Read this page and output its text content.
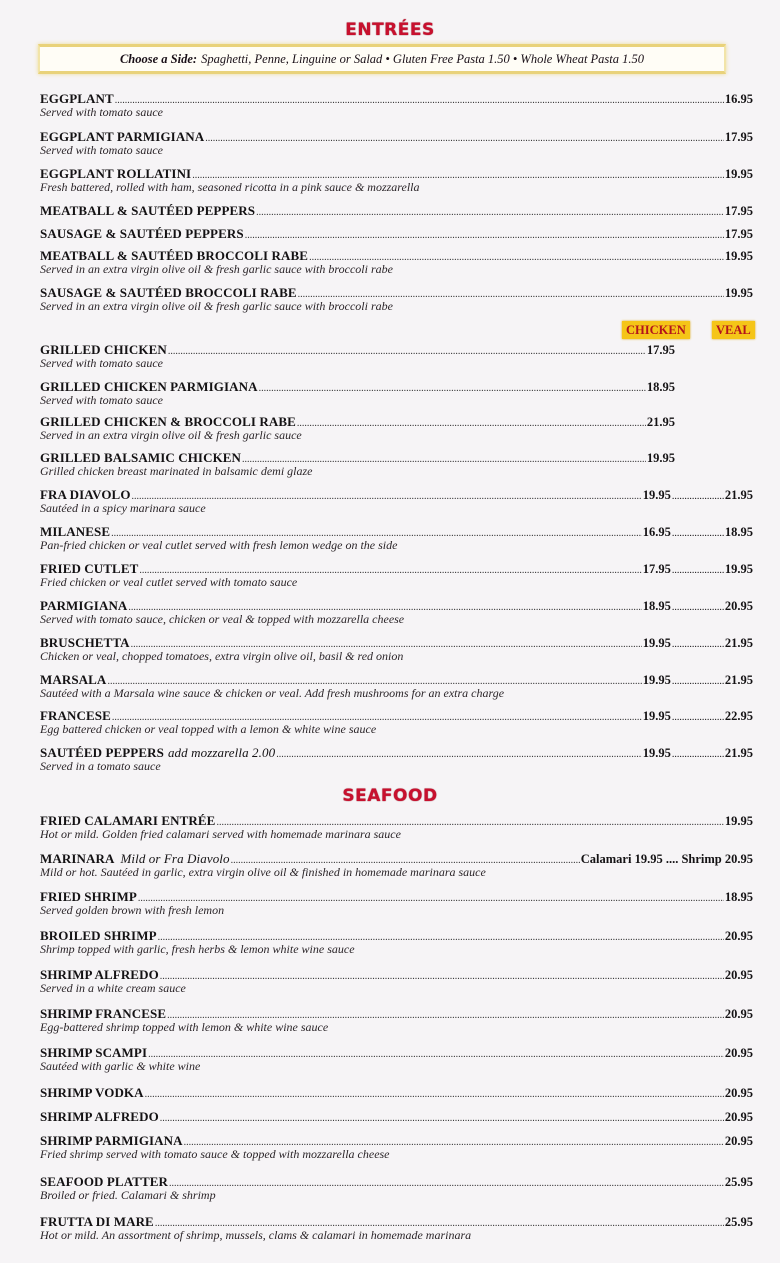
ENTRÉES
Choose a Side: Spaghetti, Penne, Linguine or Salad • Gluten Free Pasta 1.50 • Whole Wheat Pasta 1.50
EGGPLANT .....	16.95
Served with tomato sauce
EGGPLANT PARMIGIANA .....	17.95
Served with tomato sauce
EGGPLANT ROLLATINI .....	19.95
Fresh battered, rolled with ham, seasoned ricotta in a pink sauce & mozzarella
MEATBALL & SAUTÉED PEPPERS .....	17.95
SAUSAGE & SAUTÉED PEPPERS .....	17.95
MEATBALL & SAUTÉED BROCCOLI RABE .....	19.95
Served in an extra virgin olive oil & fresh garlic sauce with broccoli rabe
SAUSAGE & SAUTÉED BROCCOLI RABE .....	19.95
Served in an extra virgin olive oil & fresh garlic sauce with broccoli rabe
CHICKEN	VEAL
GRILLED CHICKEN .....	17.95
Served with tomato sauce
GRILLED CHICKEN PARMIGIANA .....	18.95
Served with tomato sauce
GRILLED CHICKEN & BROCCOLI RABE .....	21.95
Served in an extra virgin olive oil & fresh garlic sauce
GRILLED BALSAMIC CHICKEN .....	19.95
Grilled chicken breast marinated in balsamic demi glaze
FRA DIAVOLO .....	19.95 .....	21.95
Sautéed in a spicy marinara sauce
MILANESE .....	16.95 .....	18.95
Pan-fried chicken or veal cutlet served with fresh lemon wedge on the side
FRIED CUTLET .....	17.95 .....	19.95
Fried chicken or veal cutlet served with tomato sauce
PARMIGIANA .....	18.95 .....	20.95
Served with tomato sauce, chicken or veal & topped with mozzarella cheese
BRUSCHETTA .....	19.95 .....	21.95
Chicken or veal, chopped tomatoes, extra virgin olive oil, basil & red onion
MARSALA .....	19.95 .....	21.95
Sautéed with a Marsala wine sauce & chicken or veal. Add fresh mushrooms for an extra charge
FRANCESE .....	19.95 .....	22.95
Egg battered chicken or veal topped with a lemon & white wine sauce
SAUTÉED PEPPERS add mozzarella 2.00 .....	19.95 .....	21.95
Served in a tomato sauce
SEAFOOD
FRIED CALAMARI ENTRÉE .....	19.95
Hot or mild. Golden fried calamari served with homemade marinara sauce
MARINARA Mild or Fra Diavolo .....	Calamari 19.95 .... Shrimp 20.95
Mild or hot. Sautéed in garlic, extra virgin olive oil & finished in homemade marinara sauce
FRIED SHRIMP .....	18.95
Served golden brown with fresh lemon
BROILED SHRIMP .....	20.95
Shrimp topped with garlic, fresh herbs & lemon white wine sauce
SHRIMP ALFREDO .....	20.95
Served in a white cream sauce
SHRIMP FRANCESE .....	20.95
Egg-battered shrimp topped with lemon & white wine sauce
SHRIMP SCAMPI .....	20.95
Sautéed with garlic & white wine
SHRIMP VODKA .....	20.95
SHRIMP ALFREDO .....	20.95
SHRIMP PARMIGIANA .....	20.95
Fried shrimp served with tomato sauce & topped with mozzarella cheese
SEAFOOD PLATTER .....	25.95
Broiled or fried. Calamari & shrimp
FRUTTA DI MARE .....	25.95
Hot or mild. An assortment of shrimp, mussels, clams & calamari in homemade marinara
